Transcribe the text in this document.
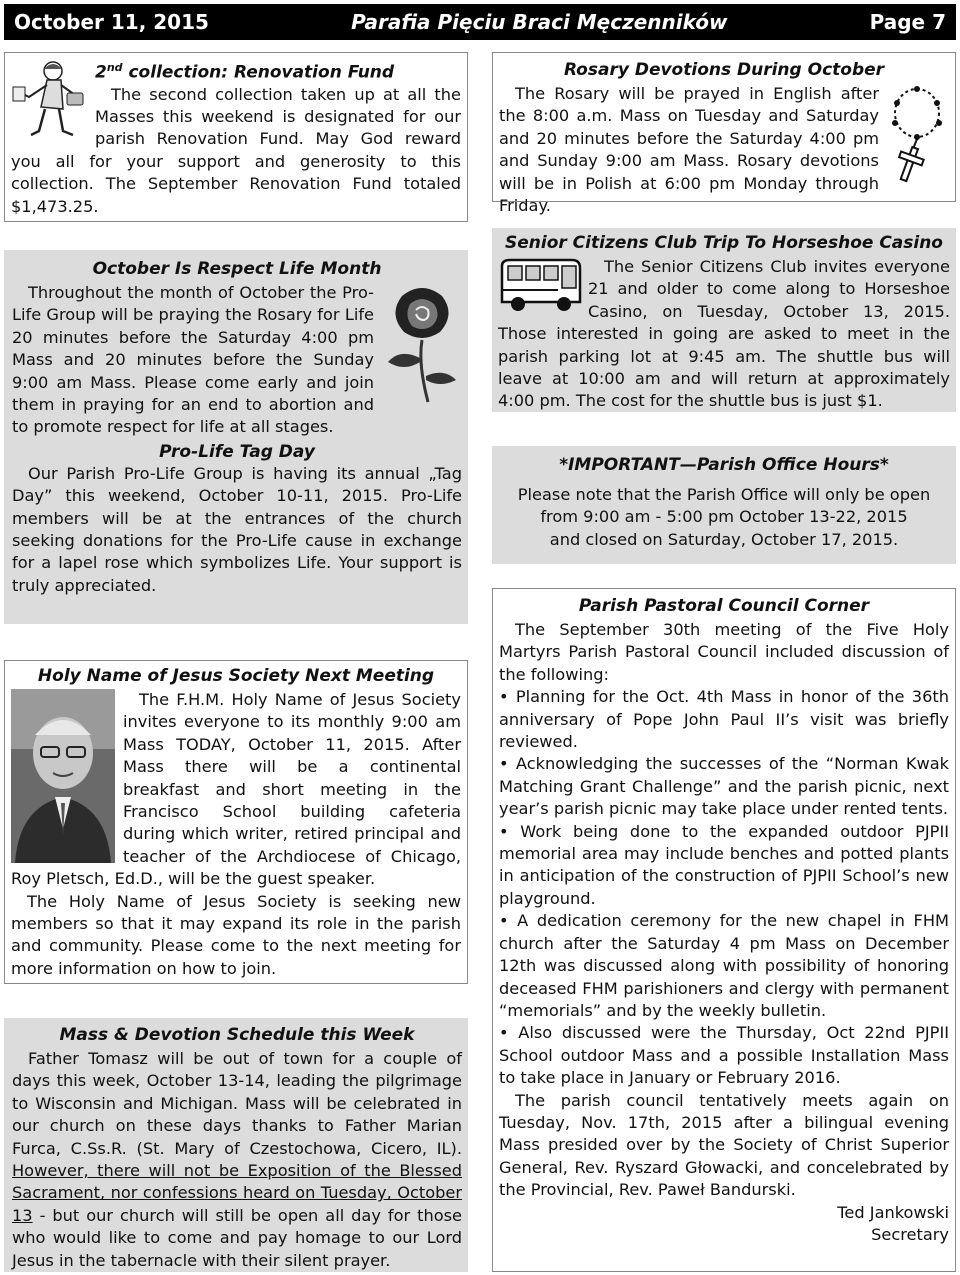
October 11, 2015	Parafia Pięciu Braci Męczenników	Page 7
2nd collection: Renovation Fund

The second collection taken up at all the Masses this weekend is designated for our parish Renovation Fund. May God reward you all for your support and generosity to this collection. The September Renovation Fund totaled $1,473.25.

October Is Respect Life Month

Throughout the month of October the Pro-Life Group will be praying the Rosary for Life 20 minutes before the Saturday 4:00 pm Mass and 20 minutes before the Sunday 9:00 am Mass. Please come early and join them in praying for an end to abortion and to promote respect for life at all stages.

Pro-Life Tag Day

Our Parish Pro-Life Group is having its annual „Tag Day” this weekend, October 10-11, 2015. Pro-Life members will be at the entrances of the church seeking donations for the Pro-Life cause in exchange for a lapel rose which symbolizes Life. Your support is truly appreciated.

Holy Name of Jesus Society Next Meeting

The F.H.M. Holy Name of Jesus Society invites everyone to its monthly 9:00 am Mass TODAY, October 11, 2015. After Mass there will be a continental breakfast and short meeting in the Francisco School building cafeteria during which writer, retired principal and teacher of the Archdiocese of Chicago, Roy Pletsch, Ed.D., will be the guest speaker.

The Holy Name of Jesus Society is seeking new members so that it may expand its role in the parish and community. Please come to the next meeting for more information on how to join.

Mass & Devotion Schedule this Week

Father Tomasz will be out of town for a couple of days this week, October 13-14, leading the pilgrimage to Wisconsin and Michigan. Mass will be celebrated in our church on these days thanks to Father Marian Furca, C.Ss.R. (St. Mary of Czestochowa, Cicero, IL). However, there will not be Exposition of the Blessed Sacrament, nor confessions heard on Tuesday, October 13 - but our church will still be open all day for those who would like to come and pay homage to our Lord Jesus in the tabernacle with their silent prayer.

Rosary Devotions During October

The Rosary will be prayed in English after the 8:00 a.m. Mass on Tuesday and Saturday and 20 minutes before the Saturday 4:00 pm and Sunday 9:00 am Mass. Rosary devotions will be in Polish at 6:00 pm Monday through Friday.

Senior Citizens Club Trip To Horseshoe Casino

The Senior Citizens Club invites everyone 21 and older to come along to Horseshoe Casino, on Tuesday, October 13, 2015. Those interested in going are asked to meet in the parish parking lot at 9:45 am. The shuttle bus will leave at 10:00 am and will return at approximately 4:00 pm. The cost for the shuttle bus is just $1.

*IMPORTANT—Parish Office Hours*

Please note that the Parish Office will only be open

from 9:00 am - 5:00 pm October 13-22, 2015

and closed on Saturday, October 17, 2015.

Parish Pastoral Council Corner

The September 30th meeting of the Five Holy Martyrs Parish Pastoral Council included discussion of the following:

• Planning for the Oct. 4th Mass in honor of the 36th anniversary of Pope John Paul II’s visit was briefly reviewed.

• Acknowledging the successes of the “Norman Kwak Matching Grant Challenge” and the parish picnic, next year’s parish picnic may take place under rented tents.

• Work being done to the expanded outdoor PJPII memorial area may include benches and potted plants in anticipation of the construction of PJPII School’s new playground.

• A dedication ceremony for the new chapel in FHM church after the Saturday 4 pm Mass on December 12th was discussed along with possibility of honoring deceased FHM parishioners and clergy with permanent “memorials” and by the weekly bulletin.

• Also discussed were the Thursday, Oct 22nd PJPII School outdoor Mass and a possible Installation Mass to take place in January or February 2016.

The parish council tentatively meets again on Tuesday, Nov. 17th, 2015 after a bilingual evening Mass presided over by the Society of Christ Superior General, Rev. Ryszard Głowacki, and concelebrated by the Provincial, Rev. Paweł Bandurski.

Ted Jankowski

Secretary
